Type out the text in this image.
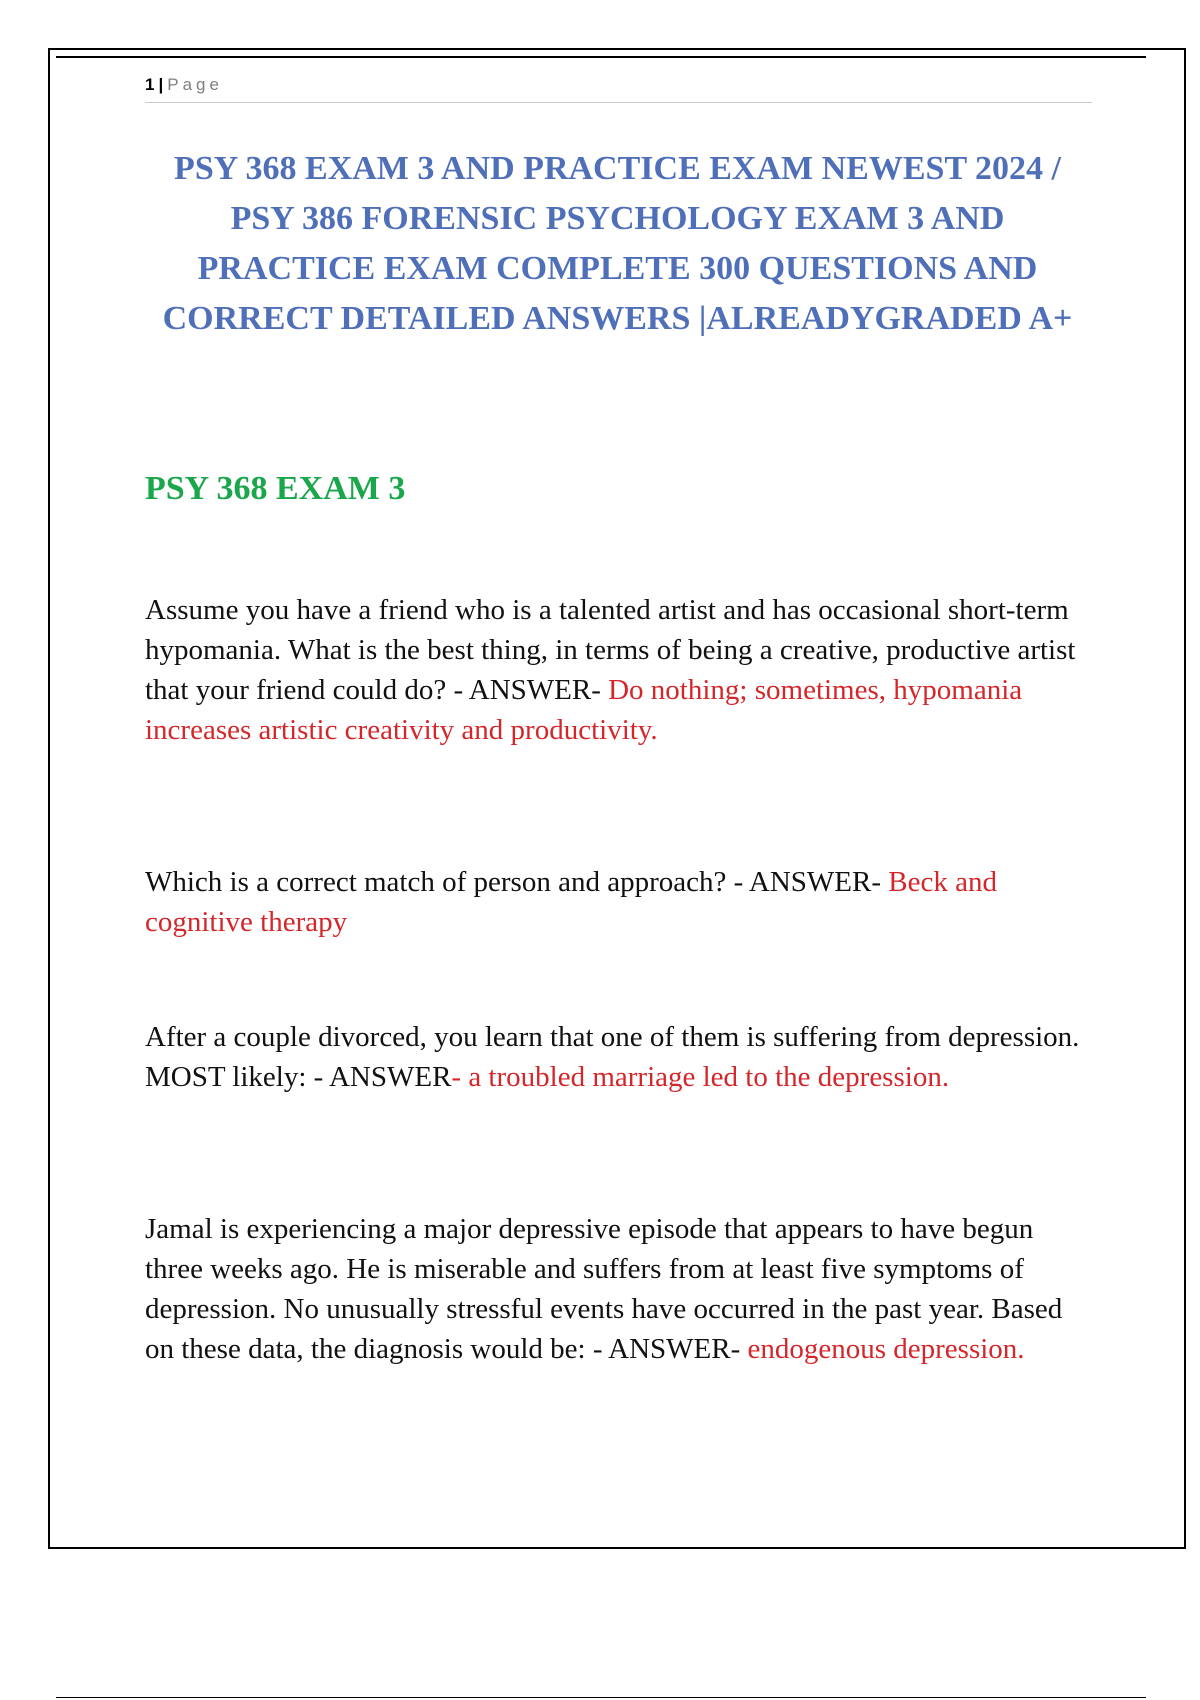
1 | Page
PSY 368 EXAM 3 AND PRACTICE EXAM NEWEST 2024 / PSY 386 FORENSIC PSYCHOLOGY EXAM 3 AND PRACTICE EXAM COMPLETE 300 QUESTIONS AND CORRECT DETAILED ANSWERS |ALREADYGRADED A+
PSY 368 EXAM 3

Assume you have a friend who is a talented artist and has occasional short-term hypomania. What is the best thing, in terms of being a creative, productive artist that your friend could do? - ANSWER- Do nothing; sometimes, hypomania increases artistic creativity and productivity.

Which is a correct match of person and approach? - ANSWER- Beck and cognitive therapy

After a couple divorced, you learn that one of them is suffering from depression. MOST likely: - ANSWER- a troubled marriage led to the depression.

Jamal is experiencing a major depressive episode that appears to have begun three weeks ago. He is miserable and suffers from at least five symptoms of depression. No unusually stressful events have occurred in the past year. Based on these data, the diagnosis would be: - ANSWER- endogenous depression.
